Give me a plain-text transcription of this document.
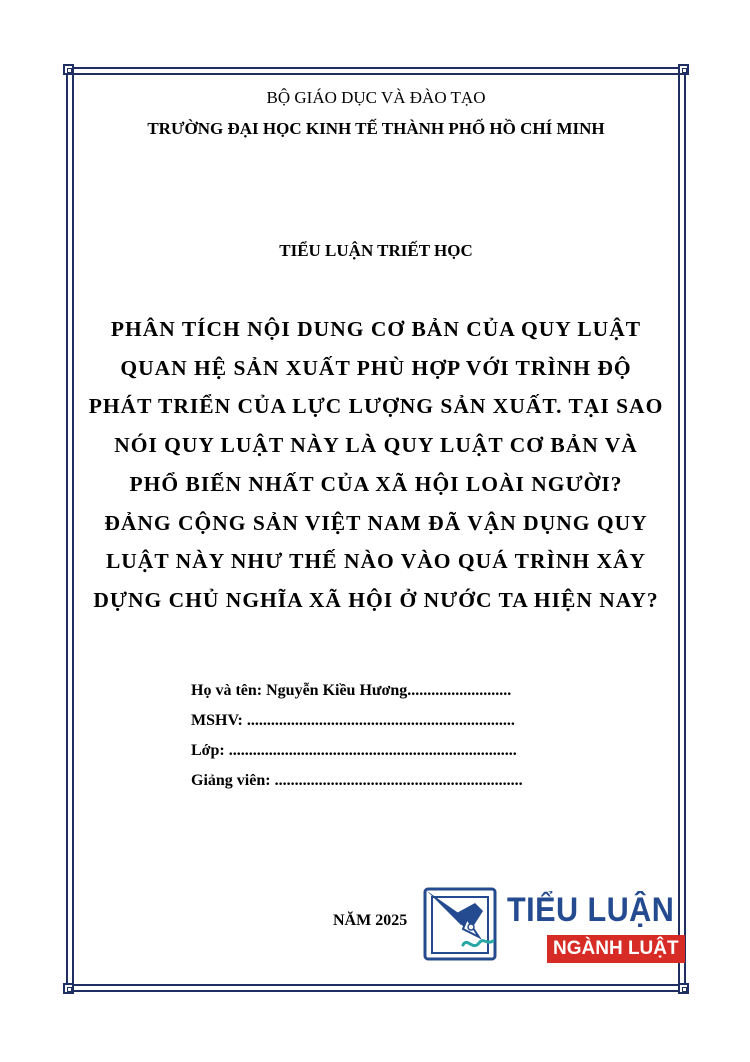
BỘ GIÁO DỤC VÀ ĐÀO TẠO
TRƯỜNG ĐẠI HỌC KINH TẾ THÀNH PHỐ HỒ CHÍ MINH
TIỂU LUẬN TRIẾT HỌC
PHÂN TÍCH NỘI DUNG CƠ BẢN CỦA QUY LUẬT
QUAN HỆ SẢN XUẤT PHÙ HỢP VỚI TRÌNH ĐỘ
PHÁT TRIỂN CỦA LỰC LƯỢNG SẢN XUẤT. TẠI SAO
NÓI QUY LUẬT NÀY LÀ QUY LUẬT CƠ BẢN VÀ
PHỔ BIẾN NHẤT CỦA XÃ HỘI LOÀI NGƯỜI?
ĐẢNG CỘNG SẢN VIỆT NAM ĐÃ VẬN DỤNG QUY
LUẬT NÀY NHƯ THẾ NÀO VÀO QUÁ TRÌNH XÂY
DỰNG CHỦ NGHĨA XÃ HỘI Ở NƯỚC TA HIỆN NAY?
Họ và tên: Nguyễn Kiều Hương..........................
MSHV: ...................................................................
Lớp: ........................................................................
Giảng viên: ..............................................................
NĂM 2025	TIỂU LUẬN
NGÀNH LUẬT
